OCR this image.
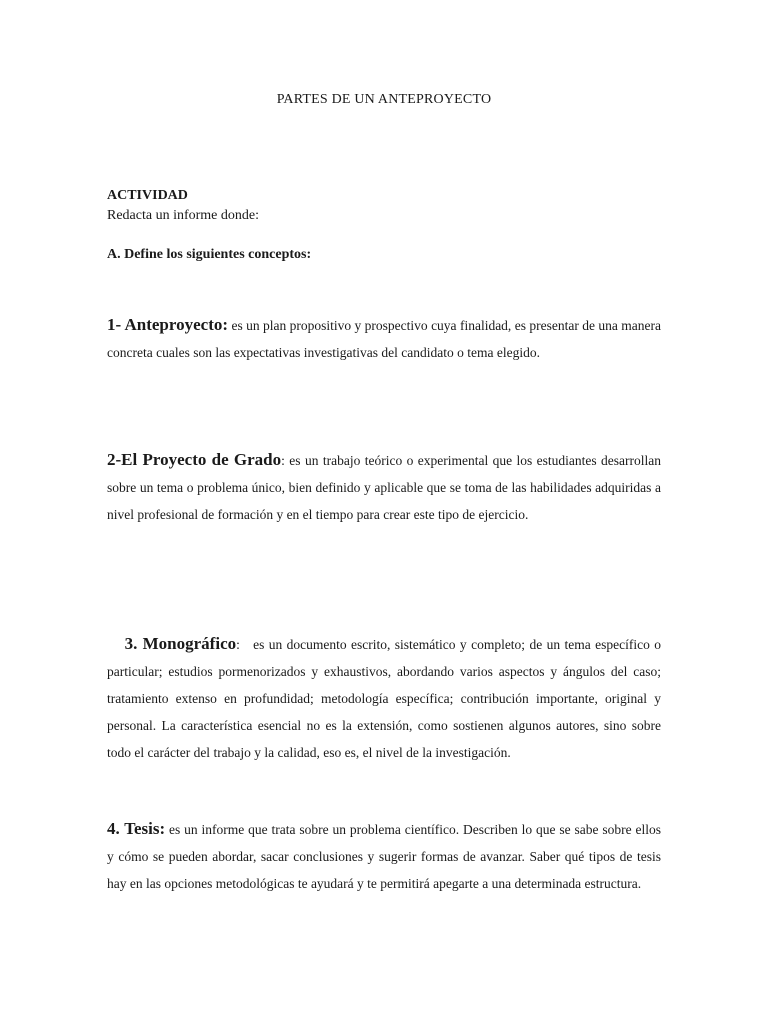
PARTES DE UN ANTEPROYECTO
ACTIVIDAD
Redacta un informe donde:
A. Define los siguientes conceptos:

1- Anteproyecto: es un plan propositivo y prospectivo cuya finalidad, es presentar de una manera concreta cuales son las expectativas investigativas del candidato o tema elegido.

2-El Proyecto de Grado: es un trabajo teórico o experimental que los estudiantes desarrollan sobre un tema o problema único, bien definido y aplicable que se toma de las habilidades adquiridas a nivel profesional de formación y en el tiempo para crear este tipo de ejercicio.

3. Monográfico:   es un documento escrito, sistemático y completo; de un tema específico o particular; estudios pormenorizados y exhaustivos, abordando varios aspectos y ángulos del caso; tratamiento extenso en profundidad; metodología específica; contribución importante, original y personal. La característica esencial no es la extensión, como sostienen algunos autores, sino sobre todo el carácter del trabajo y la calidad, eso es, el nivel de la investigación.

4. Tesis: es un informe que trata sobre un problema científico. Describen lo que se sabe sobre ellos y cómo se pueden abordar, sacar conclusiones y sugerir formas de avanzar. Saber qué tipos de tesis hay en las opciones metodológicas te ayudará y te permitirá apegarte a una determinada estructura.
